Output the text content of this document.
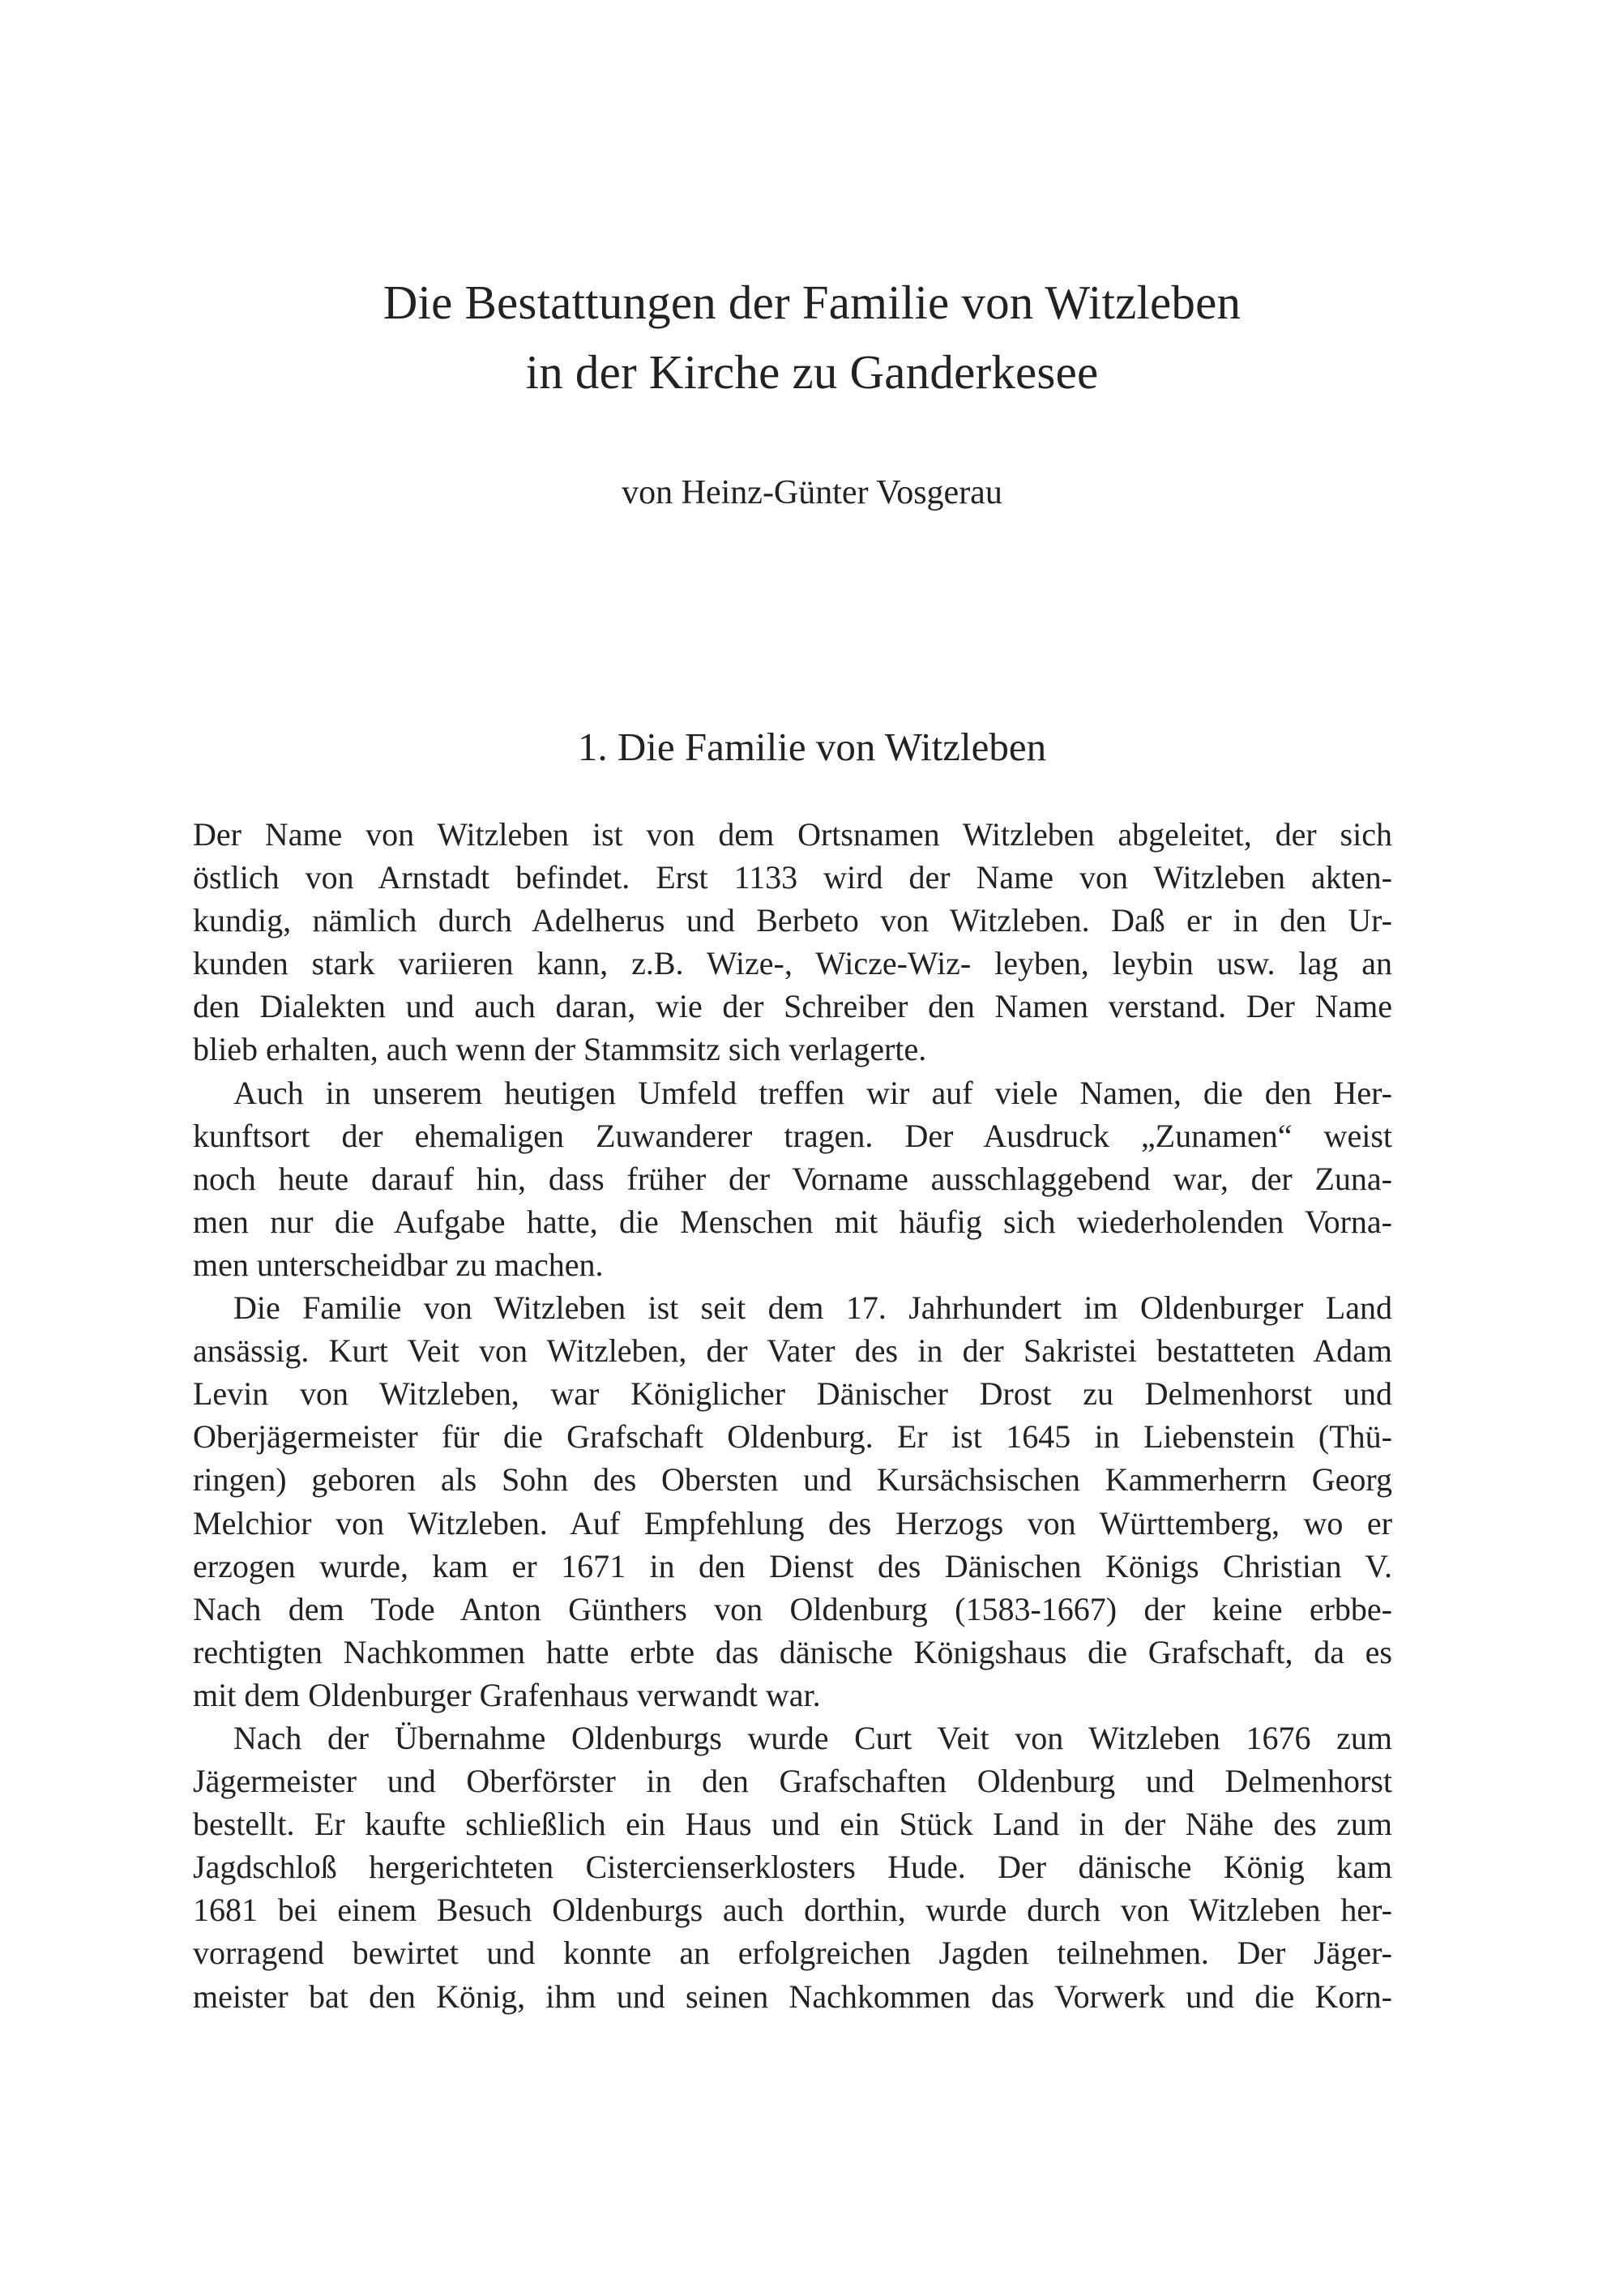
Die Bestattungen der Familie von Witzleben
in der Kirche zu Ganderkesee
von Heinz-Günter Vosgerau
1. Die Familie von Witzleben
Der Name von Witzleben ist von dem Ortsnamen Witzleben abgeleitet, der sich
östlich von Arnstadt befindet. Erst 1133 wird der Name von Witzleben akten-
kundig, nämlich durch Adelherus und Berbeto von Witzleben. Daß er in den Ur-
kunden stark variieren kann, z.B. Wize-, Wicze-Wiz- leyben, leybin usw. lag an
den Dialekten und auch daran, wie der Schreiber den Namen verstand. Der Name
blieb erhalten, auch wenn der Stammsitz sich verlagerte.
Auch in unserem heutigen Umfeld treffen wir auf viele Namen, die den Her-
kunftsort der ehemaligen Zuwanderer tragen. Der Ausdruck „Zunamen“ weist
noch heute darauf hin, dass früher der Vorname ausschlaggebend war, der Zuna-
men nur die Aufgabe hatte, die Menschen mit häufig sich wiederholenden Vorna-
men unterscheidbar zu machen.
Die Familie von Witzleben ist seit dem 17. Jahrhundert im Oldenburger Land
ansässig. Kurt Veit von Witzleben, der Vater des in der Sakristei bestatteten Adam
Levin von Witzleben, war Königlicher Dänischer Drost zu Delmenhorst und
Oberjägermeister für die Grafschaft Oldenburg. Er ist 1645 in Liebenstein (Thü-
ringen) geboren als Sohn des Obersten und Kursächsischen Kammerherrn Georg
Melchior von Witzleben. Auf Empfehlung des Herzogs von Württemberg, wo er
erzogen wurde, kam er 1671 in den Dienst des Dänischen Königs Christian V.
Nach dem Tode Anton Günthers von Oldenburg (1583-1667) der keine erbbe-
rechtigten Nachkommen hatte erbte das dänische Königshaus die Grafschaft, da es
mit dem Oldenburger Grafenhaus verwandt war.
Nach der Übernahme Oldenburgs wurde Curt Veit von Witzleben 1676 zum
Jägermeister und Oberförster in den Grafschaften Oldenburg und Delmenhorst
bestellt. Er kaufte schließlich ein Haus und ein Stück Land in der Nähe des zum
Jagdschloß hergerichteten Cistercienserklosters Hude. Der dänische König kam
1681 bei einem Besuch Oldenburgs auch dorthin, wurde durch von Witzleben her-
vorragend bewirtet und konnte an erfolgreichen Jagden teilnehmen. Der Jäger-
meister bat den König, ihm und seinen Nachkommen das Vorwerk und die Korn-
